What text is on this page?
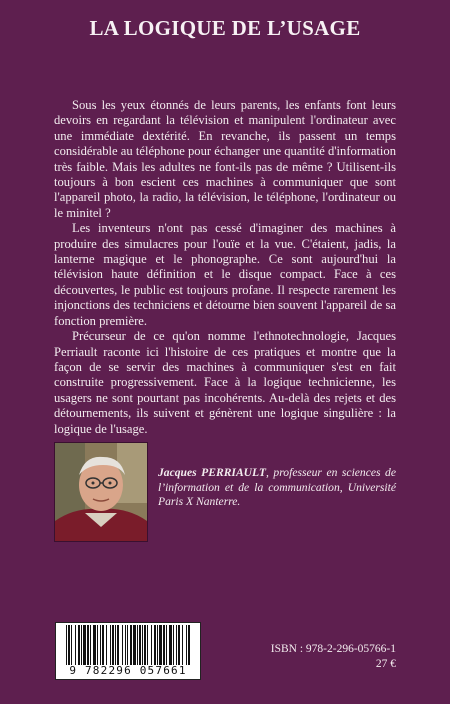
LA LOGIQUE DE L’USAGE

Sous les yeux étonnés de leurs parents, les enfants font leurs devoirs en regardant la télévision et manipulent l'ordinateur avec une immédiate dextérité. En revanche, ils passent un temps considérable au téléphone pour échanger une quantité d'information très faible. Mais les adultes ne font-ils pas de même ? Utilisent-ils toujours à bon escient ces machines à communiquer que sont l'appareil photo, la radio, la télévision, le téléphone, l'ordinateur ou le minitel ?

Les inventeurs n'ont pas cessé d'imaginer des machines à produire des simulacres pour l'ouïe et la vue. C'étaient, jadis, la lanterne magique et le phonographe. Ce sont aujourd'hui la télévision haute définition et le disque compact. Face à ces découvertes, le public est toujours profane. Il respecte rarement les injonctions des techniciens et détourne bien souvent l'appareil de sa fonction première.

Précurseur de ce qu'on nomme l'ethnotechnologie, Jacques Perriault raconte ici l'histoire de ces pratiques et montre que la façon de se servir des machines à communiquer s'est en fait construite progressivement. Face à la logique technicienne, les usagers ne sont pourtant pas incohérents. Au-delà des rejets et des détournements, ils suivent et génèrent une logique singulière : la logique de l'usage.

Jacques PERRIAULT, professeur en sciences de l’information et de la communication, Université Paris X Nanterre.
9 782296 057661
ISBN : 978-2-296-05766-1
27 €
